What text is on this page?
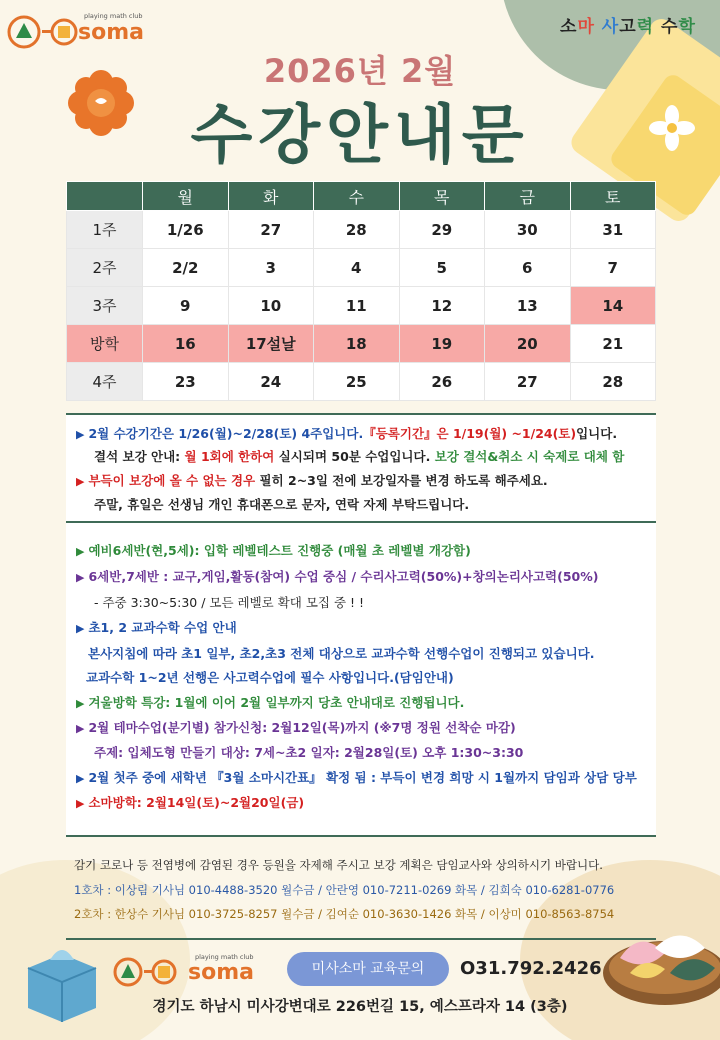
soma
playing math club
소마 사고력 수학
2026년 2월
수강안내문
	월	화	수	목	금	토
1주	1/26	27	28	29	30	31
2주	2/2	3	4	5	6	7
3주	9	10	11	12	13	14
방학	16	17설날	18	19	20	21
4주	23	24	25	26	27	28
▶ 2월 수강기간은 1/26(월)~2/28(토) 4주입니다.『등록기간』은 1/19(월) ~1/24(토)입니다.
결석 보강 안내: 월 1회에 한하여 실시되며 50분 수업입니다. 보강 결석&취소 시 숙제로 대체 함
▶ 부득이 보강에 올 수 없는 경우 필히 2~3일 전에 보강일자를 변경 하도록 해주세요.
주말, 휴일은 선생님 개인 휴대폰으로 문자, 연락 자제 부탁드립니다.
▶ 예비6세반(현,5세): 입학 레벨테스트 진행중 (매월 초 레벨별 개강함)
▶ 6세반,7세반 : 교구,게임,활동(참여) 수업 중심 / 수리사고력(50%)+창의논리사고력(50%)
- 주중 3:30~5:30 / 모든 레벨로 확대 모집 중 ! !
▶ 초1, 2 교과수학 수업 안내
본사지침에 따라 초1 일부, 초2,초3 전체 대상으로 교과수학 선행수업이 진행되고 있습니다.
교과수학 1~2년 선행은 사고력수업에 필수 사항입니다.(담임안내)
▶ 겨울방학 특강: 1월에 이어 2월 일부까지 당초 안내대로 진행됩니다.
▶ 2월 테마수업(분기별) 참가신청: 2월12일(목)까지 (※7명 정원 선착순 마감)
주제: 입체도형 만들기 대상: 7세~초2 일자: 2월28일(토) 오후 1:30~3:30
▶ 2월 첫주 중에 새학년 『3월 소마시간표』 확정 됨 : 부득이 변경 희망 시 1월까지 담임과 상담 당부
▶ 소마방학: 2월14일(토)~2월20일(금)
감기 코로나 등 전염병에 감염된 경우 등원을 자제해 주시고 보강 계획은 담임교사와 상의하시기 바랍니다.
1호차 : 이상림 기사님 010-4488-3520 월수금 / 안란영 010-7211-0269 화목 / 김희숙 010-6281-0776
2호차 : 한상수 기사님 010-3725-8257 월수금 / 김여순 010-3630-1426 화목 / 이상미 010-8563-8754
soma
playing math club
미사소마 교육문의	O31.792.2426
경기도 하남시 미사강변대로 226번길 15, 예스프라자 14 (3층)
